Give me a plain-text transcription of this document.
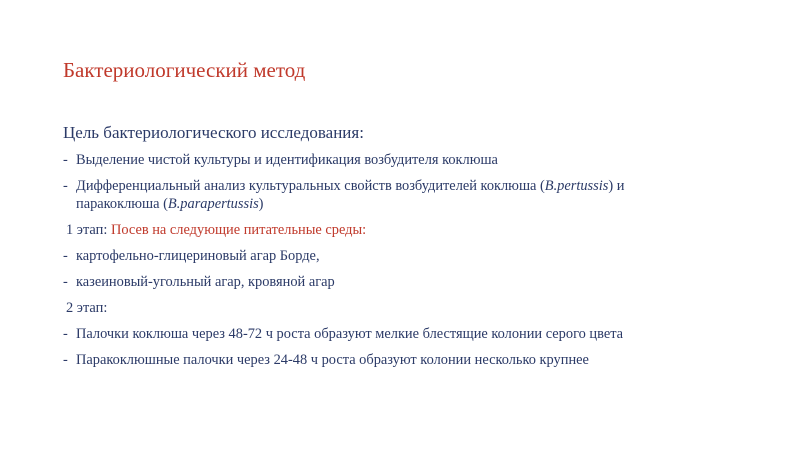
Бактериологический метод
Цель бактериологического исследования:
- Выделение чистой культуры и идентификация возбудителя коклюша
- Дифференциальный анализ культуральных свойств возбудителей коклюша (B.pertussis) и
паракоклюша (B.parapertussis)
1 этап: Посев на следующие питательные среды:
- картофельно-глицериновый агар Борде,
- казеиновый-угольный агар, кровяной агар
2 этап:
- Палочки коклюша через 48-72 ч роста образуют мелкие блестящие колонии серого цвета
- Паракоклюшные палочки через 24-48 ч роста образуют колонии несколько крупнее
